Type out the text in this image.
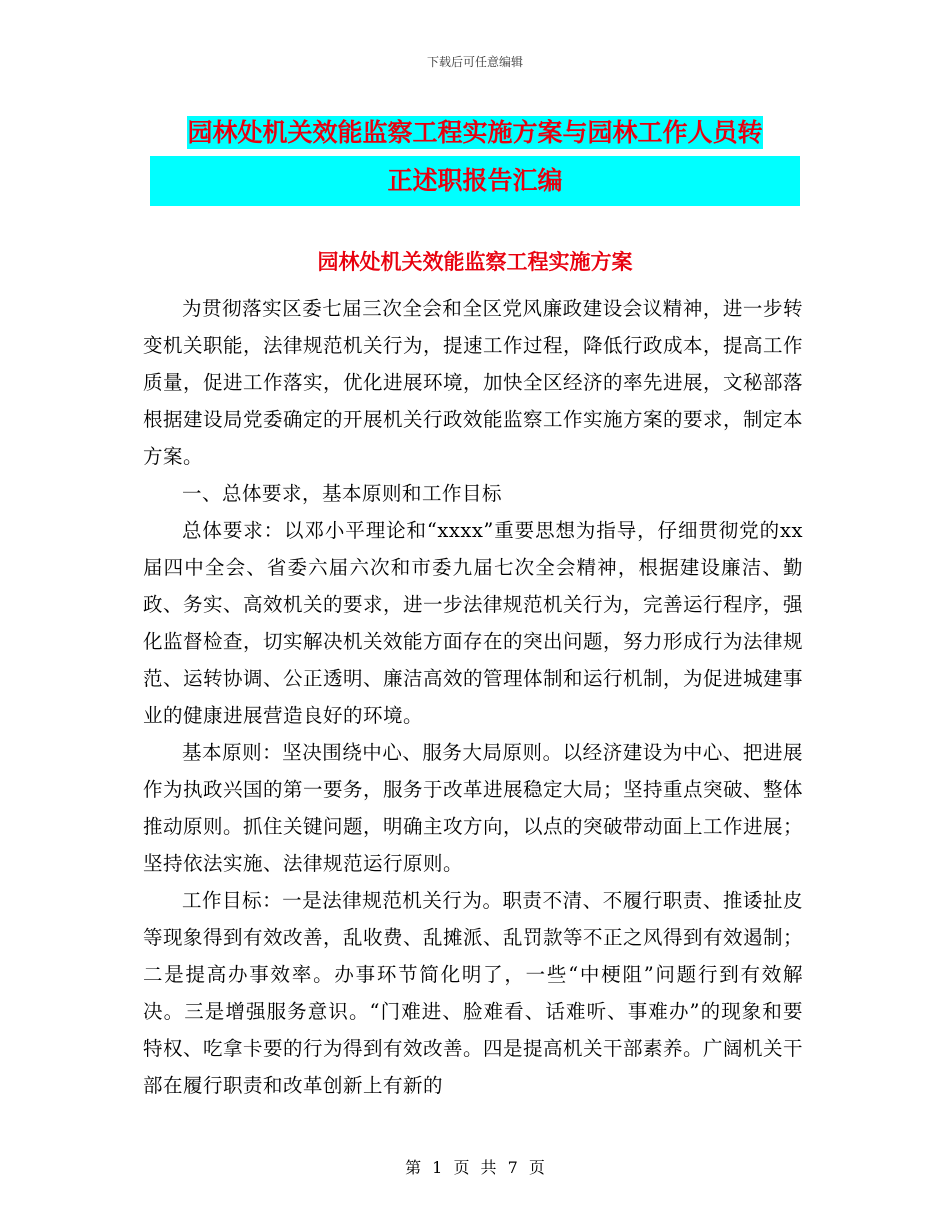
下载后可任意编辑
园林处机关效能监察工程实施方案与园林工作人员转
正述职报告汇编
园林处机关效能监察工程实施方案

为贯彻落实区委七届三次全会和全区党风廉政建设会议精神，进一步转变机关职能，法律规范机关行为，提速工作过程，降低行政成本，提高工作质量，促进工作落实，优化进展环境，加快全区经济的率先进展，文秘部落根据建设局党委确定的开展机关行政效能监察工作实施方案的要求，制定本方案。

一、总体要求，基本原则和工作目标

总体要求：以邓小平理论和“xxxx”重要思想为指导，仔细贯彻党的xx届四中全会、省委六届六次和市委九届七次全会精神，根据建设廉洁、勤政、务实、高效机关的要求，进一步法律规范机关行为，完善运行程序，强化监督检查，切实解决机关效能方面存在的突出问题，努力形成行为法律规范、运转协调、公正透明、廉洁高效的管理体制和运行机制，为促进城建事业的健康进展营造良好的环境。

基本原则：坚决围绕中心、服务大局原则。以经济建设为中心、把进展作为执政兴国的第一要务，服务于改革进展稳定大局；坚持重点突破、整体推动原则。抓住关键问题，明确主攻方向，以点的突破带动面上工作进展；坚持依法实施、法律规范运行原则。

工作目标：一是法律规范机关行为。职责不清、不履行职责、推诿扯皮等现象得到有效改善，乱收费、乱摊派、乱罚款等不正之风得到有效遏制；二是提高办事效率。办事环节简化明了，一些“中梗阻”问题行到有效解决。三是增强服务意识。“门难进、脸难看、话难听、事难办”的现象和要特权、吃拿卡要的行为得到有效改善。四是提高机关干部素养。广阔机关干部在履行职责和改革创新上有新的

第 1 页 共 7 页
